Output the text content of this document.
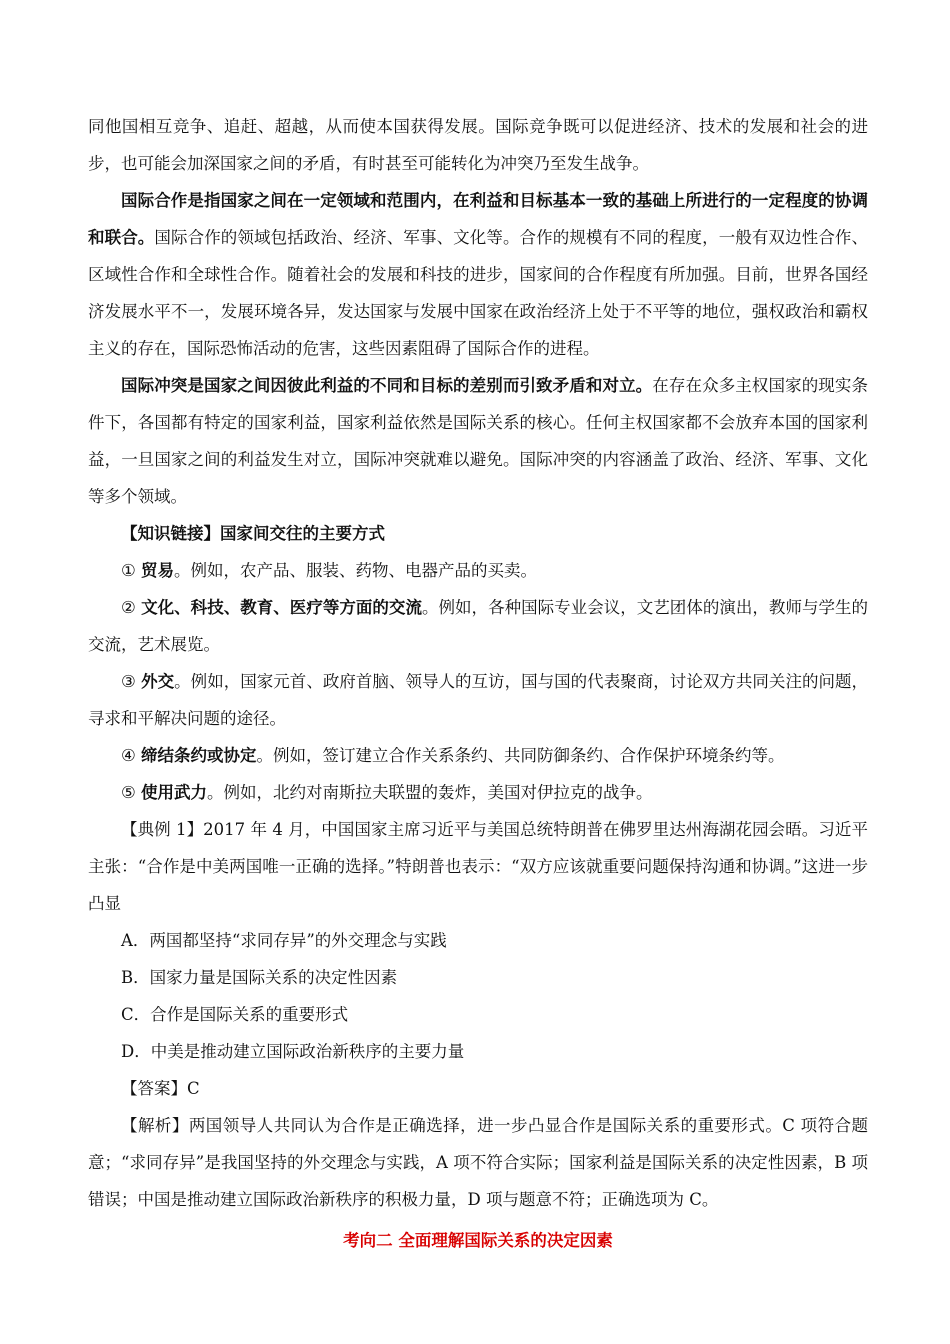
同他国相互竞争、追赶、超越，从而使本国获得发展。国际竞争既可以促进经济、技术的发展和社会的进步，也可能会加深国家之间的矛盾，有时甚至可能转化为冲突乃至发生战争。

国际合作是指国家之间在一定领域和范围内，在利益和目标基本一致的基础上所进行的一定程度的协调和联合。国际合作的领域包括政治、经济、军事、文化等。合作的规模有不同的程度，一般有双边性合作、区域性合作和全球性合作。随着社会的发展和科技的进步，国家间的合作程度有所加强。目前，世界各国经济发展水平不一，发展环境各异，发达国家与发展中国家在政治经济上处于不平等的地位，强权政治和霸权主义的存在，国际恐怖活动的危害，这些因素阻碍了国际合作的进程。

国际冲突是国家之间因彼此利益的不同和目标的差别而引致矛盾和对立。在存在众多主权国家的现实条件下，各国都有特定的国家利益，国家利益依然是国际关系的核心。任何主权国家都不会放弃本国的国家利益，一旦国家之间的利益发生对立，国际冲突就难以避免。国际冲突的内容涵盖了政治、经济、军事、文化等多个领域。

【知识链接】国家间交往的主要方式

① 贸易。例如，农产品、服装、药物、电器产品的买卖。

② 文化、科技、教育、医疗等方面的交流。例如，各种国际专业会议，文艺团体的演出，教师与学生的交流，艺术展览。

③ 外交。例如，国家元首、政府首脑、领导人的互访，国与国的代表聚商，讨论双方共同关注的问题，寻求和平解决问题的途径。

④ 缔结条约或协定。例如，签订建立合作关系条约、共同防御条约、合作保护环境条约等。

⑤ 使用武力。例如，北约对南斯拉夫联盟的轰炸，美国对伊拉克的战争。

【典例 1】2017 年 4 月，中国国家主席习近平与美国总统特朗普在佛罗里达州海湖花园会晤。习近平主张：“合作是中美两国唯一正确的选择。”特朗普也表示：“双方应该就重要问题保持沟通和协调。”这进一步凸显

A．两国都坚持“求同存异”的外交理念与实践

B．国家力量是国际关系的决定性因素

C．合作是国际关系的重要形式

D．中美是推动建立国际政治新秩序的主要力量

【答案】C

【解析】两国领导人共同认为合作是正确选择，进一步凸显合作是国际关系的重要形式。C 项符合题意；“求同存异”是我国坚持的外交理念与实践，A 项不符合实际；国家利益是国际关系的决定性因素，B 项错误；中国是推动建立国际政治新秩序的积极力量，D 项与题意不符；正确选项为 C。

考向二 全面理解国际关系的决定因素
